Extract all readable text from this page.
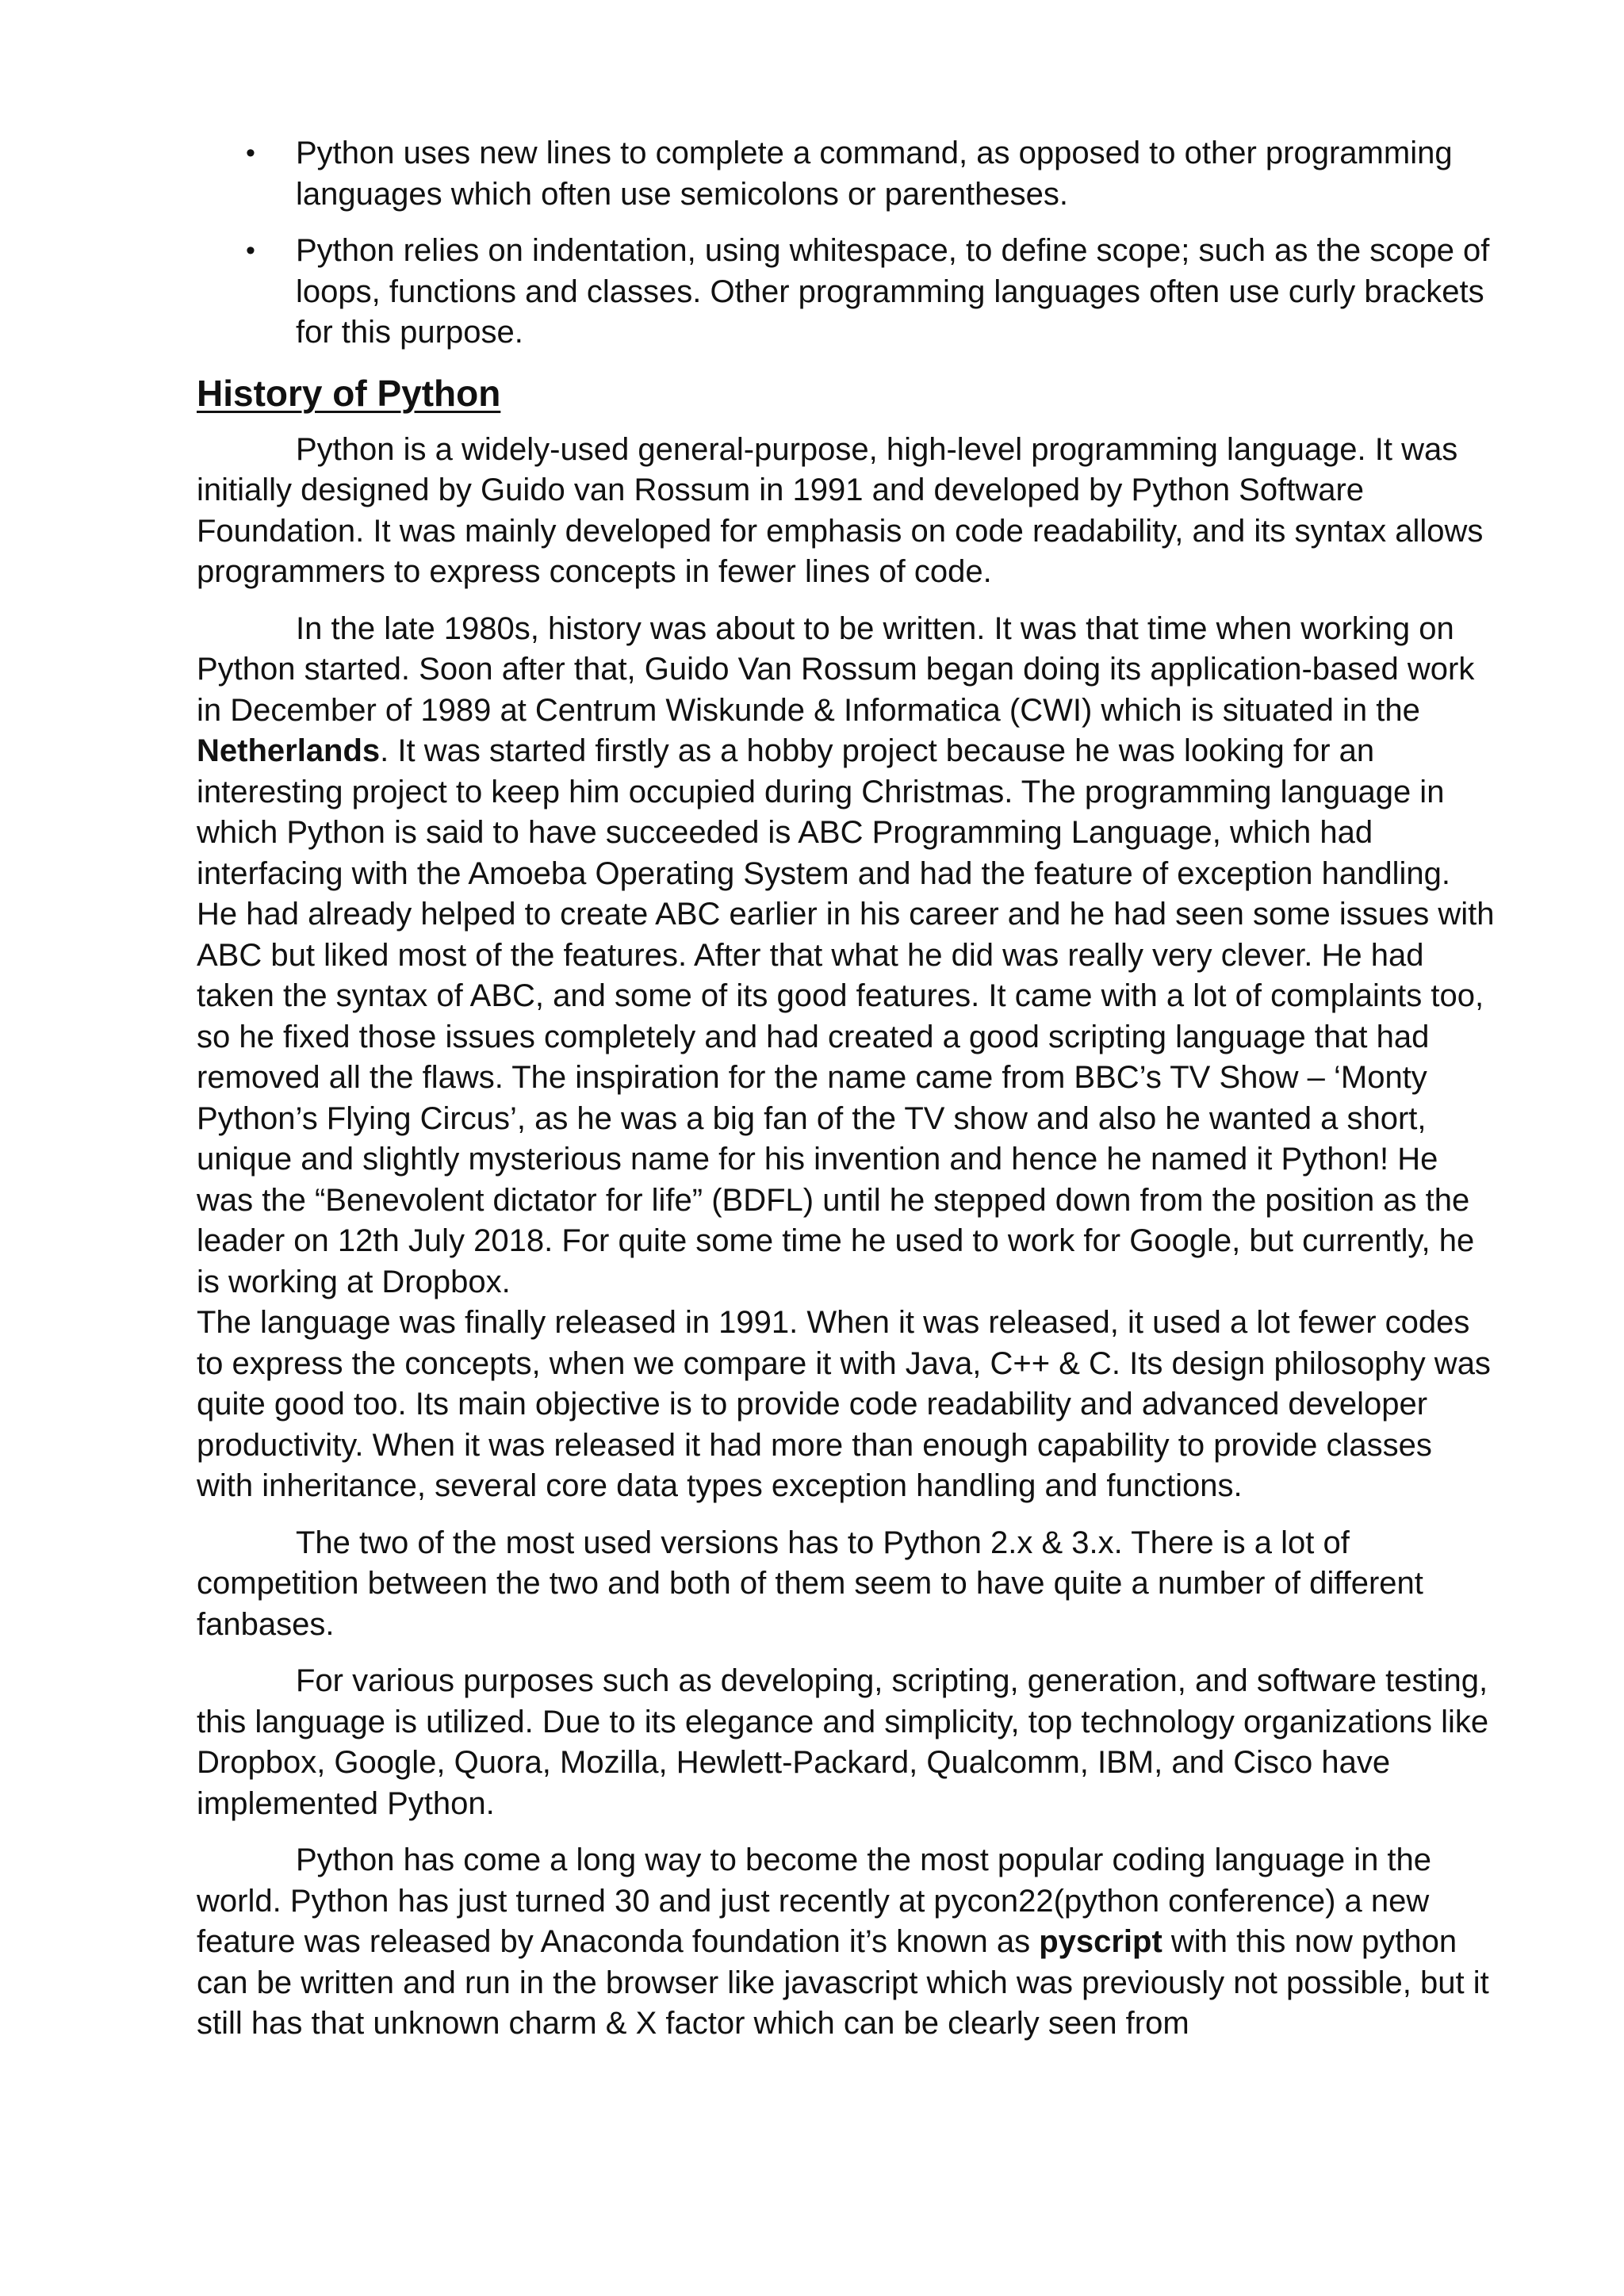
• Python uses new lines to complete a command, as opposed to other programming languages which often use semicolons or parentheses.
• Python relies on indentation, using whitespace, to define scope; such as the scope of loops, functions and classes. Other programming languages often use curly brackets for this purpose.
History of Python

Python is a widely-used general-purpose, high-level programming language. It was initially designed by Guido van Rossum in 1991 and developed by Python Software Foundation. It was mainly developed for emphasis on code readability, and its syntax allows programmers to express concepts in fewer lines of code.

In the late 1980s, history was about to be written. It was that time when working on Python started. Soon after that, Guido Van Rossum began doing its application-based work in December of 1989 at Centrum Wiskunde & Informatica (CWI) which is situated in the Netherlands. It was started firstly as a hobby project because he was looking for an interesting project to keep him occupied during Christmas. The programming language in which Python is said to have succeeded is ABC Programming Language, which had interfacing with the Amoeba Operating System and had the feature of exception handling. He had already helped to create ABC earlier in his career and he had seen some issues with ABC but liked most of the features. After that what he did was really very clever. He had taken the syntax of ABC, and some of its good features. It came with a lot of complaints too, so he fixed those issues completely and had created a good scripting language that had removed all the flaws. The inspiration for the name came from BBC’s TV Show – ‘Monty Python’s Flying Circus’, as he was a big fan of the TV show and also he wanted a short, unique and slightly mysterious name for his invention and hence he named it Python! He was the “Benevolent dictator for life” (BDFL) until he stepped down from the position as the leader on 12th July 2018. For quite some time he used to work for Google, but currently, he is working at Dropbox.

The language was finally released in 1991. When it was released, it used a lot fewer codes to express the concepts, when we compare it with Java, C++ & C. Its design philosophy was quite good too. Its main objective is to provide code readability and advanced developer productivity. When it was released it had more than enough capability to provide classes with inheritance, several core data types exception handling and functions.

The two of the most used versions has to Python 2.x & 3.x. There is a lot of competition between the two and both of them seem to have quite a number of different fanbases.

For various purposes such as developing, scripting, generation, and software testing, this language is utilized. Due to its elegance and simplicity, top technology organizations like Dropbox, Google, Quora, Mozilla, Hewlett-Packard, Qualcomm, IBM, and Cisco have implemented Python.

Python has come a long way to become the most popular coding language in the world. Python has just turned 30 and just recently at pycon22(python conference) a new feature was released by Anaconda foundation it’s known as pyscript with this now python can be written and run in the browser like javascript which was previously not possible, but it still has that unknown charm & X factor which can be clearly seen from
